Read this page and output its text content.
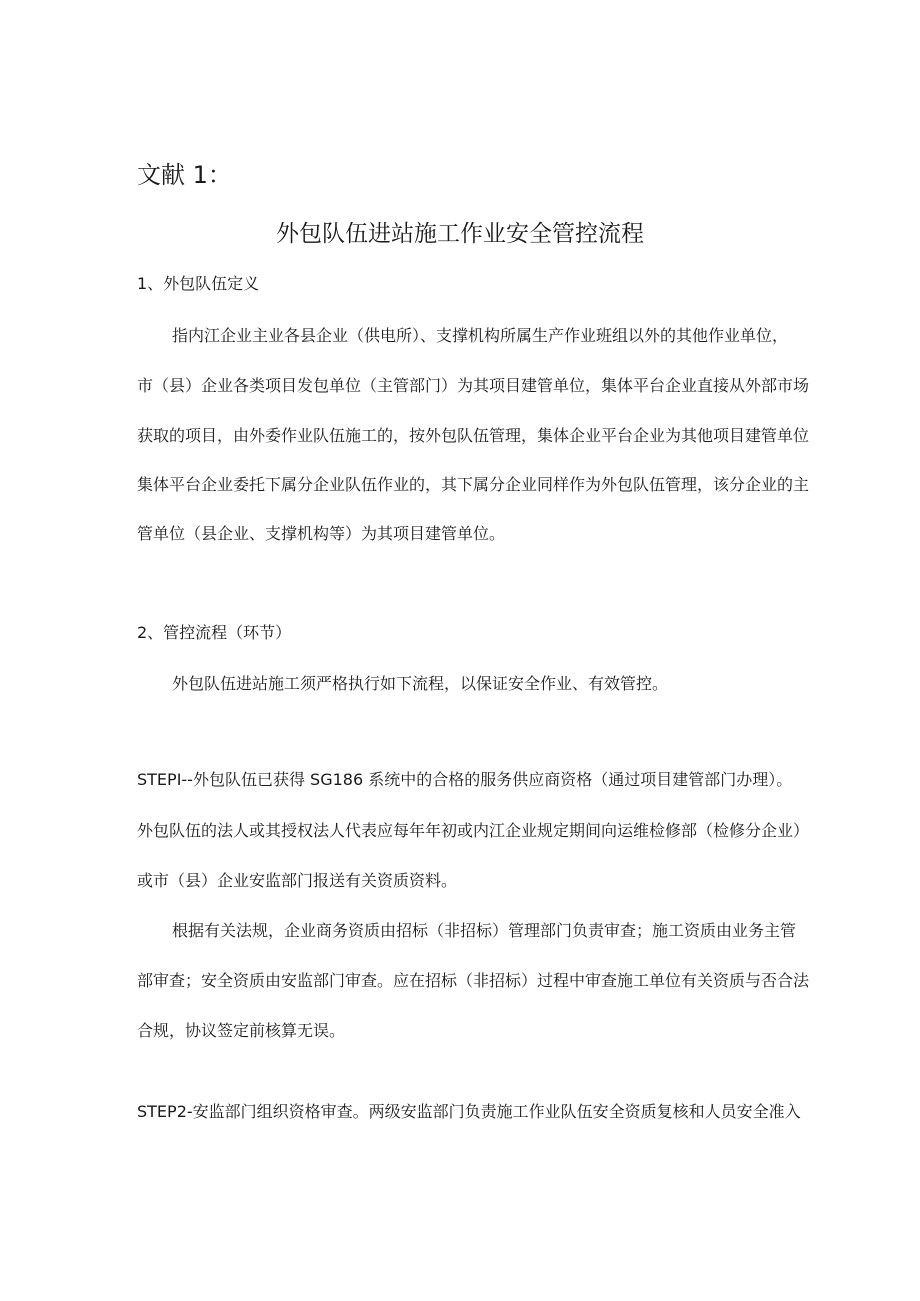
文献 1：
外包队伍进站施工作业安全管控流程
1、外包队伍定义
指内江企业主业各县企业（供电所）、支撑机构所属生产作业班组以外的其他作业单位，
市（县）企业各类项目发包单位（主管部门）为其项目建管单位，集体平台企业直接从外部市场
获取的项目，由外委作业队伍施工的，按外包队伍管理，集体企业平台企业为其他项目建管单位
集体平台企业委托下属分企业队伍作业的，其下属分企业同样作为外包队伍管理，该分企业的主
管单位（县企业、支撑机构等）为其项目建管单位。
2、管控流程（环节）
外包队伍进站施工须严格执行如下流程，以保证安全作业、有效管控。
STEPI--外包队伍已获得 SG186 系统中的合格的服务供应商资格（通过项目建管部门办理）。
外包队伍的法人或其授权法人代表应每年年初或内江企业规定期间向运维检修部（检修分企业）
或市（县）企业安监部门报送有关资质资料。
根据有关法规，企业商务资质由招标（非招标）管理部门负责审查；施工资质由业务主管
部审查；安全资质由安监部门审查。应在招标（非招标）过程中审查施工单位有关资质与否合法
合规，协议签定前核算无误。
STEP2-安监部门组织资格审查。两级安监部门负责施工作业队伍安全资质复核和人员安全准入
